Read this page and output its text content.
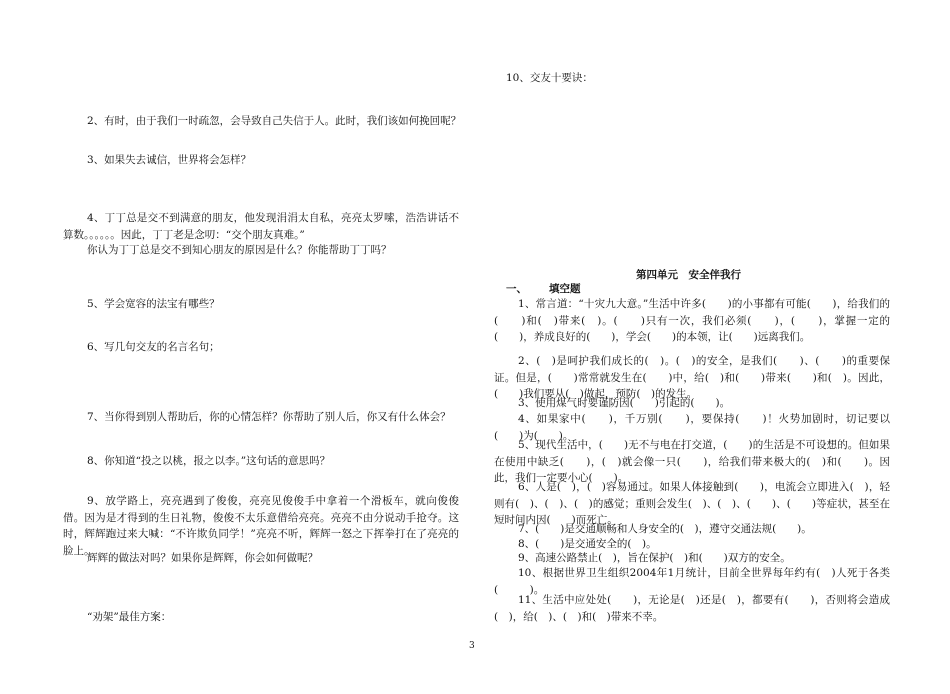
2、有时，由于我们一时疏忽，会导致自己失信于人。此时，我们该如何挽回呢？
3、如果失去诚信，世界将会怎样？
4、丁丁总是交不到满意的朋友，他发现涓涓太自私，亮亮太罗嗦，浩浩讲话不算数。。。。。。因此，丁丁老是念叨：“交个朋友真难。”
你认为丁丁总是交不到知心朋友的原因是什么？你能帮助丁丁吗？
5、学会宽容的法宝有哪些？
6、写几句交友的名言名句；
7、当你得到别人帮助后，你的心情怎样？你帮助了别人后，你又有什么体会？
8、你知道“投之以桃，报之以李。”这句话的意思吗？
9、放学路上，亮亮遇到了俊俊，亮亮见俊俊手中拿着一个滑板车，就向俊俊借。因为是才得到的生日礼物，俊俊不太乐意借给亮亮。亮亮不由分说动手抢夺。这时，辉辉跑过来大喊：“不许欺负同学！”亮亮不听，辉辉一怒之下挥拳打在了亮亮的脸上。
辉辉的做法对吗？如果你是辉辉，你会如何做呢？
“劝架”最佳方案：
10、交友十要诀：
第四单元　安全伴我行
一、 填空题
1、常言道：“十灾九大意。”生活中许多(　　)的小事都有可能(　　)，给我们的(　　)和(　)带来(　)。(　　)只有一次，我们必须(　　)，(　　)，掌握一定的(　　)，养成良好的(　　)，学会(　　)的本领，让(　　)远离我们。
2、(　)是呵护我们成长的(　)。(　)的安全，是我们(　　)、(　　)的重要保证。但是，(　　)常常就发生在(　　)中，给(　)和(　　)带来(　　)和(　)。因此，(　　)我们要从(　)做起，预防(　)的发生。
3、使用煤气时要谨防因(　　)引起的(　　)。
4、如果家中(　　)，千万别(　　)，要保持(　　)！火势加剧时，切记要以(　　)为(　　)。
5、现代生活中，(　　)无不与电在打交道，(　　)的生活是不可设想的。但如果在使用中缺乏(　　)，(　)就会像一只(　　)，给我们带来极大的(　)和(　　)。因此，我们一定要小心(　　)。
6、人是(　)，(　)容易通过。如果人体接触到(　　)，电流会立即进入(　)，轻则有(　)、(　)、(　)的感觉；重则会发生(　)、(　)、(　　)、(　　)等症状，甚至在短时间内因(　　)而死亡。
7、(　　)是交通顺畅和人身安全的(　)，遵守交通法规(　　)。
8、(　　)是交通安全的(　)。
9、高速公路禁止(　)，旨在保护(　)和(　　)双方的安全。
10、根据世界卫生组织2004年1月统计，目前全世界每年约有(　)人死于各类(　　　)。
11、生活中应处处(　　)，无论是(　)还是(　)，都要有(　　)，否则将会造成(　)，给(　)、(　)和(　)带来不幸。
3
